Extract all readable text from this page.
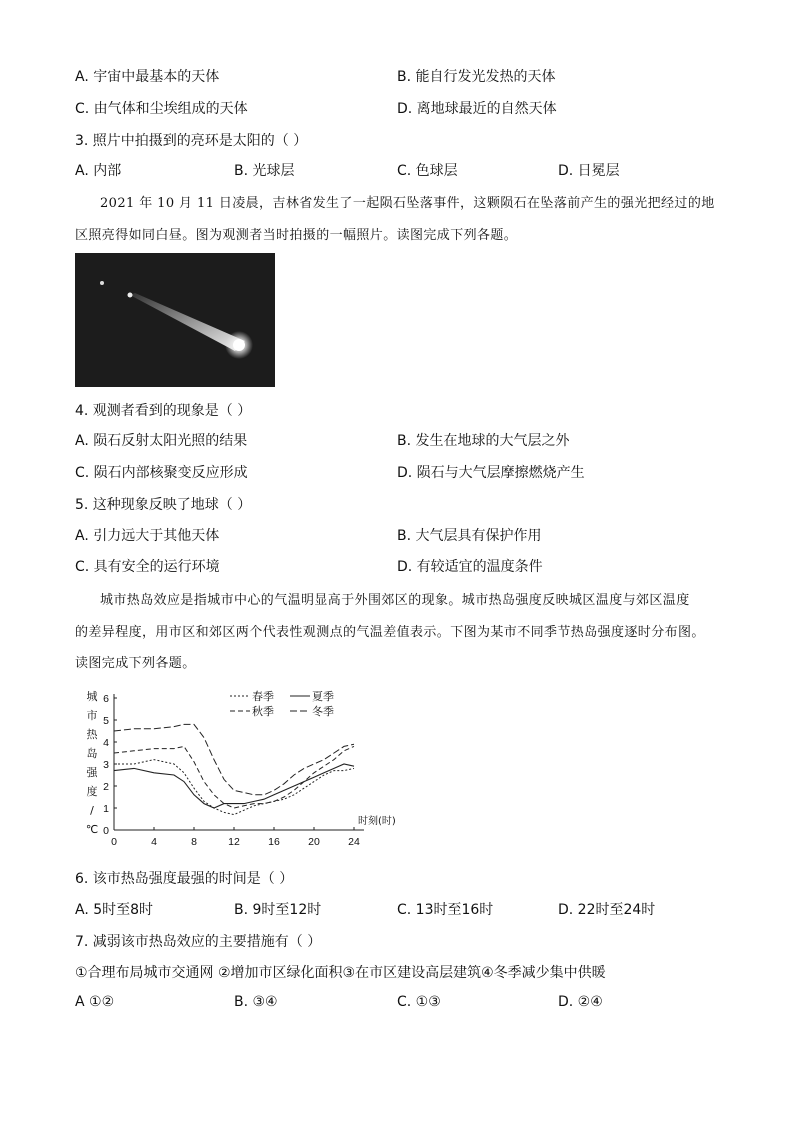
A. 宇宙中最基本的天体	B. 能自行发光发热的天体
C. 由气体和尘埃组成的天体	D. 离地球最近的自然天体
3. 照片中拍摄到的亮环是太阳的（ ）
A. 内部	B. 光球层	C. 色球层	D. 日冕层
2021 年 10 月 11 日凌晨，吉林省发生了一起陨石坠落事件，这颗陨石在坠落前产生的强光把经过的地
区照亮得如同白昼。图为观测者当时拍摄的一幅照片。读图完成下列各题。
4. 观测者看到的现象是（ ）
A. 陨石反射太阳光照的结果	B. 发生在地球的大气层之外
C. 陨石内部核聚变反应形成	D. 陨石与大气层摩擦燃烧产生
5. 这种现象反映了地球（ ）
A. 引力远大于其他天体	B. 大气层具有保护作用
C. 具有安全的运行环境	D. 有较适宜的温度条件
城市热岛效应是指城市中心的气温明显高于外围郊区的现象。城市热岛强度反映城区温度与郊区温度
的差异程度，用市区和郊区两个代表性观测点的气温差值表示。下图为某市不同季节热岛强度逐时分布图。
读图完成下列各题。
0
1
2
3
4
5
6
0	4	8	12	16	20	24
时刻(时)
城
市
热
岛
强
度
/
℃
春季	夏季
秋季	冬季
6. 该市热岛强度最强的时间是（ ）
A. 5时至8时	B. 9时至12时	C. 13时至16时	D. 22时至24时
7. 减弱该市热岛效应的主要措施有（ ）
①合理布局城市交通网 ②增加市区绿化面积③在市区建设高层建筑④冬季减少集中供暖
A ①②	B. ③④	C. ①③	D. ②④
